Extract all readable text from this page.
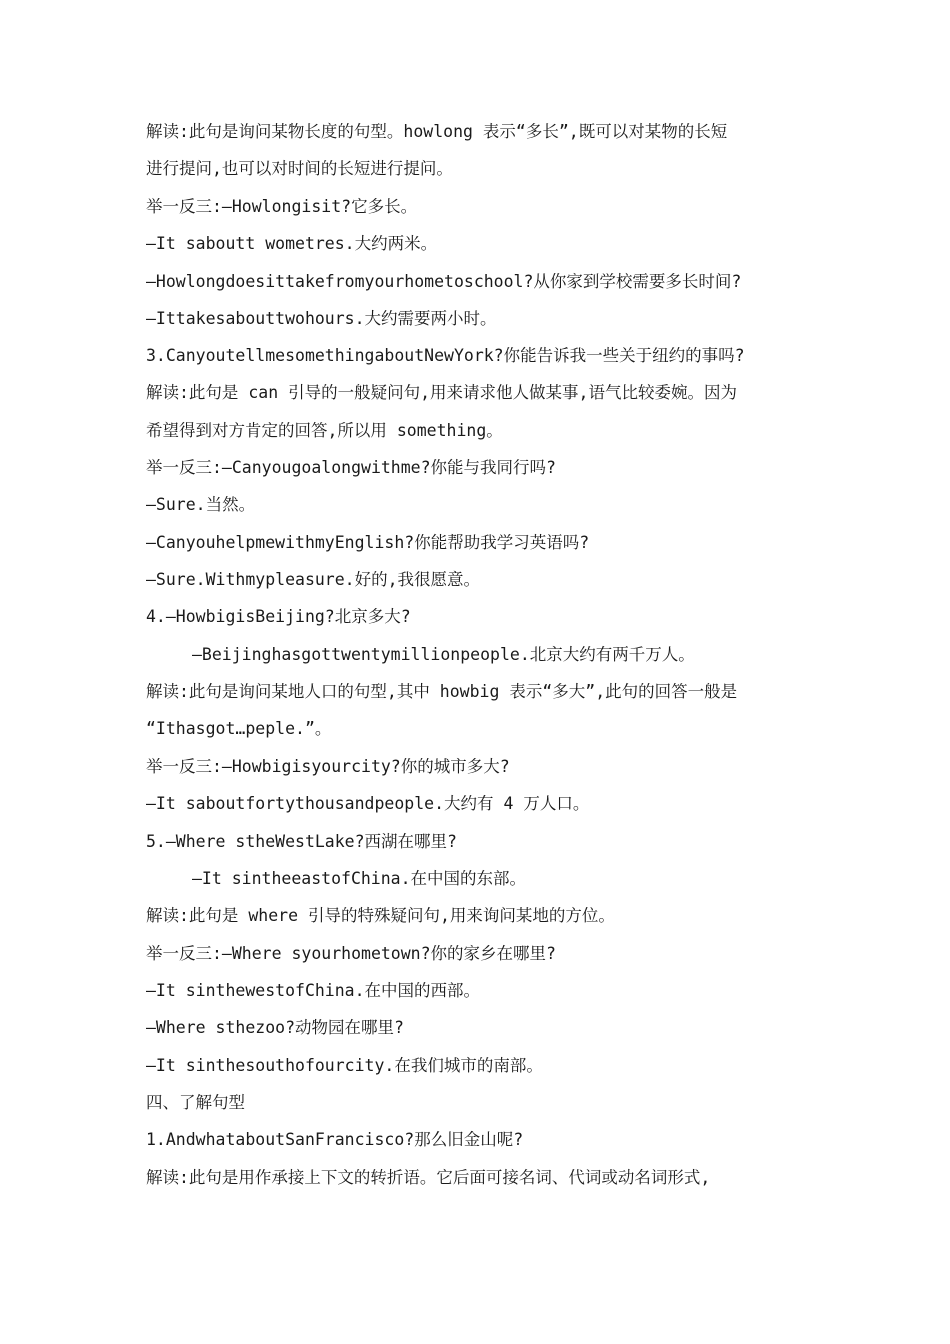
解读:此句是询问某物长度的句型。howlong 表示“多长”,既可以对某物的长短
进行提问,也可以对时间的长短进行提问。
举一反三:—Howlongisit?它多长。
—It saboutt wometres.大约两米。
—Howlongdoesittakefromyourhometoschool?从你家到学校需要多长时间?
—Ittakesabouttwohours.大约需要两小时。
3.CanyoutellmesomethingaboutNewYork?你能告诉我一些关于纽约的事吗?
解读:此句是 can 引导的一般疑问句,用来请求他人做某事,语气比较委婉。因为
希望得到对方肯定的回答,所以用 something。
举一反三:—Canyougoalongwithme?你能与我同行吗?
—Sure.当然。
—CanyouhelpmewithmyEnglish?你能帮助我学习英语吗?
—Sure.Withmypleasure.好的,我很愿意。
4.—HowbigisBeijing?北京多大?
—Beijinghasgottwentymillionpeople.北京大约有两千万人。
解读:此句是询问某地人口的句型,其中 howbig 表示“多大”,此句的回答一般是
“Ithasgot…peple.”。
举一反三:—Howbigisyourcity?你的城市多大?
—It saboutfortythousandpeople.大约有 4 万人口。
5.—Where stheWestLake?西湖在哪里?
—It sintheeastofChina.在中国的东部。
解读:此句是 where 引导的特殊疑问句,用来询问某地的方位。
举一反三:—Where syourhometown?你的家乡在哪里?
—It sinthewestofChina.在中国的西部。
—Where sthezoo?动物园在哪里?
—It sinthesouthofourcity.在我们城市的南部。
四、了解句型
1.AndwhataboutSanFrancisco?那么旧金山呢?
解读:此句是用作承接上下文的转折语。它后面可接名词、代词或动名词形式,
